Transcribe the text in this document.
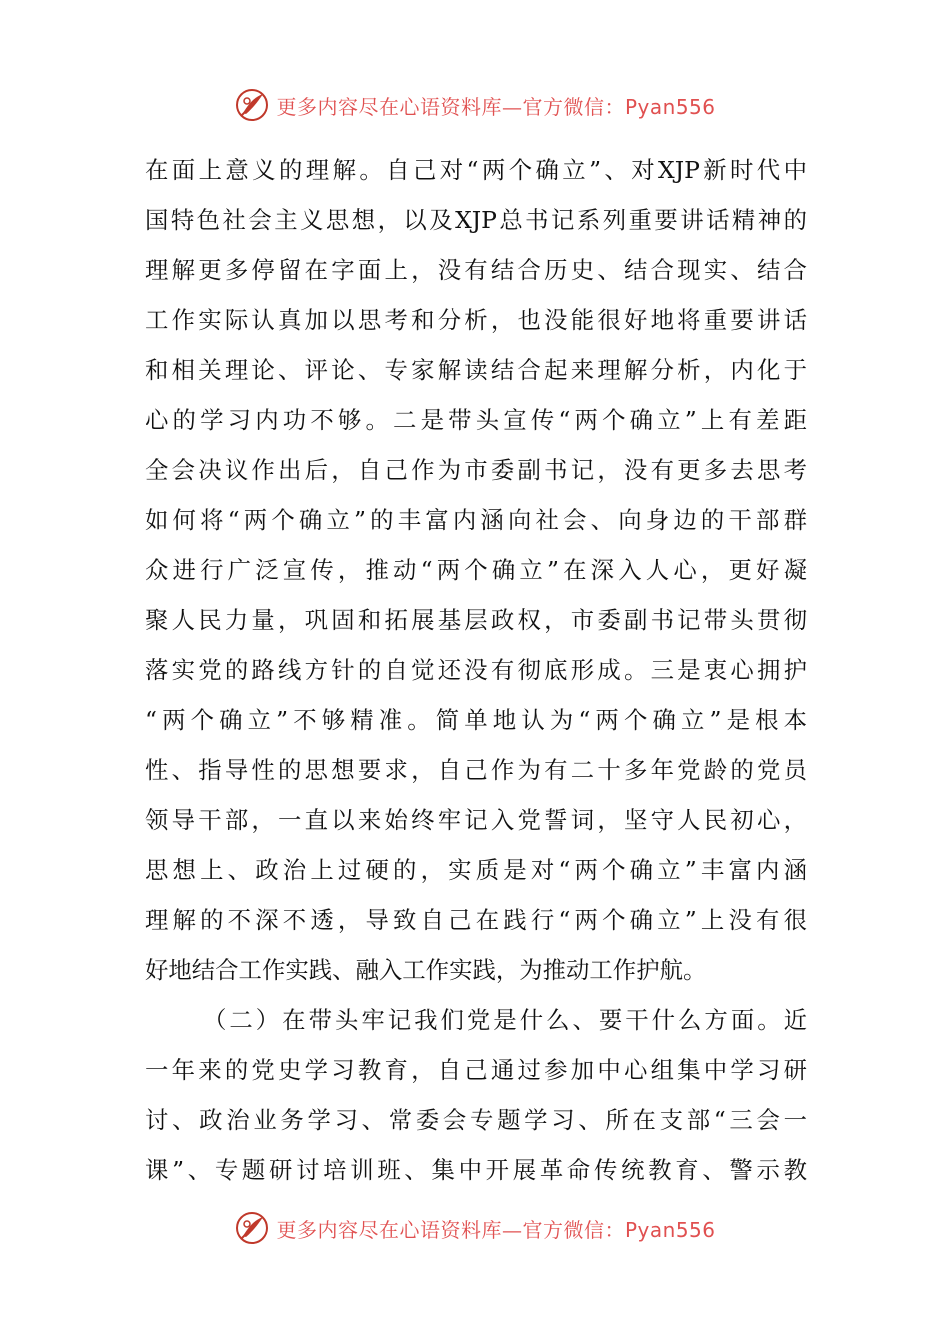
更多内容尽在心语资料库—官方微信：Pyan556
在面上意义的理解。自己对“两个确立”、对XJP新时代中
国特色社会主义思想，以及XJP总书记系列重要讲话精神的
理解更多停留在字面上，没有结合历史、结合现实、结合
工作实际认真加以思考和分析，也没能很好地将重要讲话
和相关理论、评论、专家解读结合起来理解分析，内化于
心的学习内功不够。二是带头宣传“两个确立”上有差距
全会决议作出后，自己作为市委副书记，没有更多去思考
如何将“两个确立”的丰富内涵向社会、向身边的干部群
众进行广泛宣传，推动“两个确立”在深入人心，更好凝
聚人民力量，巩固和拓展基层政权，市委副书记带头贯彻
落实党的路线方针的自觉还没有彻底形成。三是衷心拥护
“两个确立”不够精准。简单地认为“两个确立”是根本
性、指导性的思想要求，自己作为有二十多年党龄的党员
领导干部，一直以来始终牢记入党誓词，坚守人民初心，
思想上、政治上过硬的，实质是对“两个确立”丰富内涵
理解的不深不透，导致自己在践行“两个确立”上没有很
好地结合工作实践、融入工作实践，为推动工作护航。
（二）在带头牢记我们党是什么、要干什么方面。近
一年来的党史学习教育，自己通过参加中心组集中学习研
讨、政治业务学习、常委会专题学习、所在支部“三会一
课”、专题研讨培训班、集中开展革命传统教育、警示教
更多内容尽在心语资料库—官方微信：Pyan556
